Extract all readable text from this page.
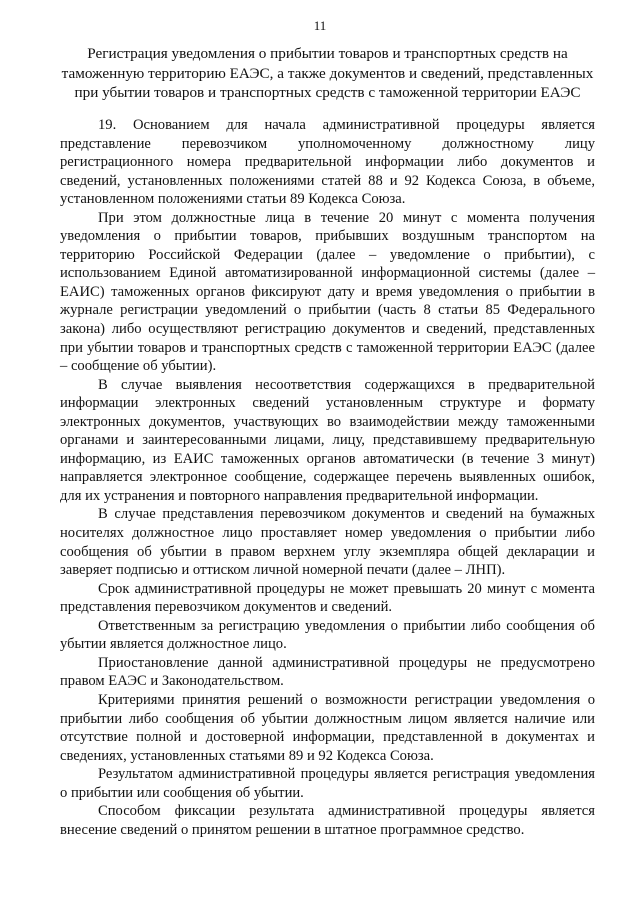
11
Регистрация уведомления о прибытии товаров и транспортных средств на таможенную территорию ЕАЭС, а также документов и сведений, представленных при убытии товаров и транспортных средств с таможенной территории ЕАЭС

19. Основанием для начала административной процедуры является представление перевозчиком уполномоченному должностному лицу регистрационного номера предварительной информации либо документов и сведений, установленных положениями статей 88 и 92 Кодекса Союза, в объеме, установленном положениями статьи 89 Кодекса Союза.

При этом должностные лица в течение 20 минут с момента получения уведомления о прибытии товаров, прибывших воздушным транспортом на территорию Российской Федерации (далее – уведомление о прибытии), с использованием Единой автоматизированной информационной системы (далее – ЕАИС) таможенных органов фиксируют дату и время уведомления о прибытии в журнале регистрации уведомлений о прибытии (часть 8 статьи 85 Федерального закона) либо осуществляют регистрацию документов и сведений, представленных при убытии товаров и транспортных средств с таможенной территории ЕАЭС (далее – сообщение об убытии).

В случае выявления несоответствия содержащихся в предварительной информации электронных сведений установленным структуре и формату электронных документов, участвующих во взаимодействии между таможенными органами и заинтересованными лицами, лицу, представившему предварительную информацию, из ЕАИС таможенных органов автоматически (в течение 3 минут) направляется электронное сообщение, содержащее перечень выявленных ошибок, для их устранения и повторного направления предварительной информации.

В случае представления перевозчиком документов и сведений на бумажных носителях должностное лицо проставляет номер уведомления о прибытии либо сообщения об убытии в правом верхнем углу экземпляра общей декларации и заверяет подписью и оттиском личной номерной печати (далее – ЛНП).

Срок административной процедуры не может превышать 20 минут с момента представления перевозчиком документов и сведений.

Ответственным за регистрацию уведомления о прибытии либо сообщения об убытии является должностное лицо.

Приостановление данной административной процедуры не предусмотрено правом ЕАЭС и Законодательством.

Критериями принятия решений о возможности регистрации уведомления о прибытии либо сообщения об убытии должностным лицом является наличие или отсутствие полной и достоверной информации, представленной в документах и сведениях, установленных статьями 89 и 92 Кодекса Союза.

Результатом административной процедуры является регистрация уведомления о прибытии или сообщения об убытии.

Способом фиксации результата административной процедуры является внесение сведений о принятом решении в штатное программное средство.
